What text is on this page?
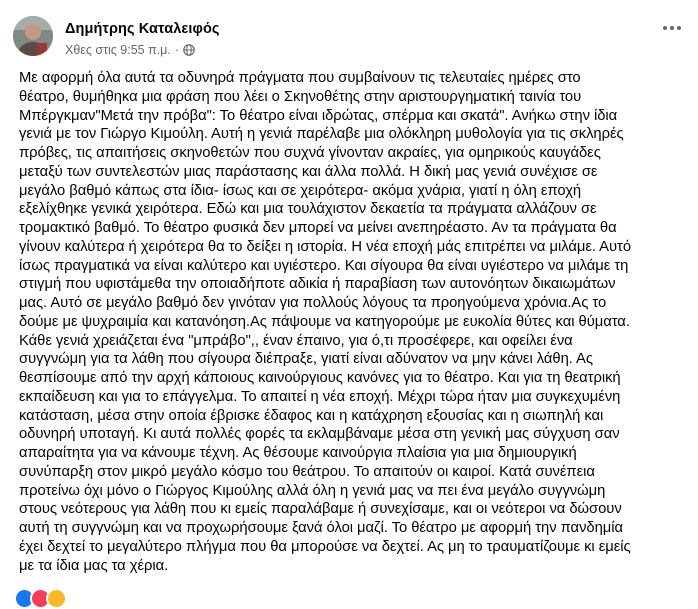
Δημήτρης Καταλειφός
Χθες στις 9:55 π.μ. ·
Με αφορμή όλα αυτά τα οδυνηρά πράγματα που συμβαίνουν τις τελευταίες ημέρες στο
θέατρο, θυμήθηκα μια φράση που λέει ο Σκηνοθέτης στην αριστουργηματική ταινία του
Μπέργκμαν"Μετά την πρόβα": Το θέατρο είναι ιδρώτας, σπέρμα και σκατά". Ανήκω στην ίδια
γενιά με τον Γιώργο Κιμούλη. Αυτή η γενιά παρέλαβε μια ολόκληρη μυθολογία για τις σκληρές
πρόβες, τις απαιτήσεις σκηνοθετών που συχνά γίνονταν ακραίες, για ομηρικούς καυγάδες
μεταξύ των συντελεστών μιας παράστασης και άλλα πολλά. Η δική μας γενιά συνέχισε σε
μεγάλο βαθμό κάπως στα ίδια- ίσως και σε χειρότερα- ακόμα χνάρια, γιατί η όλη εποχή
εξελίχθηκε γενικά χειρότερα. Εδώ και μια τουλάχιστον δεκαετία τα πράγματα αλλάζουν σε
τρομακτικό βαθμό. Το θέατρο φυσικά δεν μπορεί να μείνει ανεπηρέαστο. Αν τα πράγματα θα
γίνουν καλύτερα ή χειρότερα θα το δείξει η ιστορία. Η νέα εποχή μάς επιτρέπει να μιλάμε. Αυτό
ίσως πραγματικά να είναι καλύτερο και υγιέστερο. Και σίγουρα θα είναι υγιέστερο να μιλάμε τη
στιγμή που υφιστάμεθα την οποιαδήποτε αδικία ή παραβίαση των αυτονόητων δικαιωμάτων
μας. Αυτό σε μεγάλο βαθμό δεν γινόταν για πολλούς λόγους τα προηγούμενα χρόνια.Ας το
δούμε με ψυχραιμία και κατανόηση.Ας πάψουμε να κατηγορούμε με ευκολία θύτες και θύματα.
Κάθε γενιά χρειάζεται ένα "μπράβο",, έναν έπαινο, για ό,τι προσέφερε, και οφείλει ένα
συγγνώμη για τα λάθη που σίγουρα διέπραξε, γιατί είναι αδύνατον να μην κάνει λάθη. Ας
θεσπίσουμε από την αρχή κάποιους καινούργιους κανόνες για το θέατρο. Και για τη θεατρική
εκπαίδευση και για το επάγγελμα. Το απαιτεί η νέα εποχή. Μέχρι τώρα ήταν μια συγκεχυμένη
κατάσταση, μέσα στην οποία έβρισκε έδαφος και η κατάχρηση εξουσίας και η σιωπηλή και
οδυνηρή υποταγή. Κι αυτά πολλές φορές τα εκλαμβάναμε μέσα στη γενική μας σύγχυση σαν
απαραίτητα για να κάνουμε τέχνη. Ας θέσουμε καινούργια πλαίσια για μια δημιουργική
συνύπαρξη στον μικρό μεγάλο κόσμο του θεάτρου. Το απαιτούν οι καιροί. Κατά συνέπεια
προτείνω όχι μόνο ο Γιώργος Κιμούλης αλλά όλη η γενιά μας να πει ένα μεγάλο συγγνώμη
στους νεότερους για λάθη που κι εμείς παραλάβαμε ή συνεχίσαμε, και οι νεότεροι να δώσουν
αυτή τη συγγνώμη και να προχωρήσουμε ξανά όλοι μαζί. Το θέατρο με αφορμή την πανδημία
έχει δεχτεί το μεγαλύτερο πλήγμα που θα μπορούσε να δεχτεί. Ας μη το τραυματίζουμε κι εμείς
με τα ίδια μας τα χέρια.
